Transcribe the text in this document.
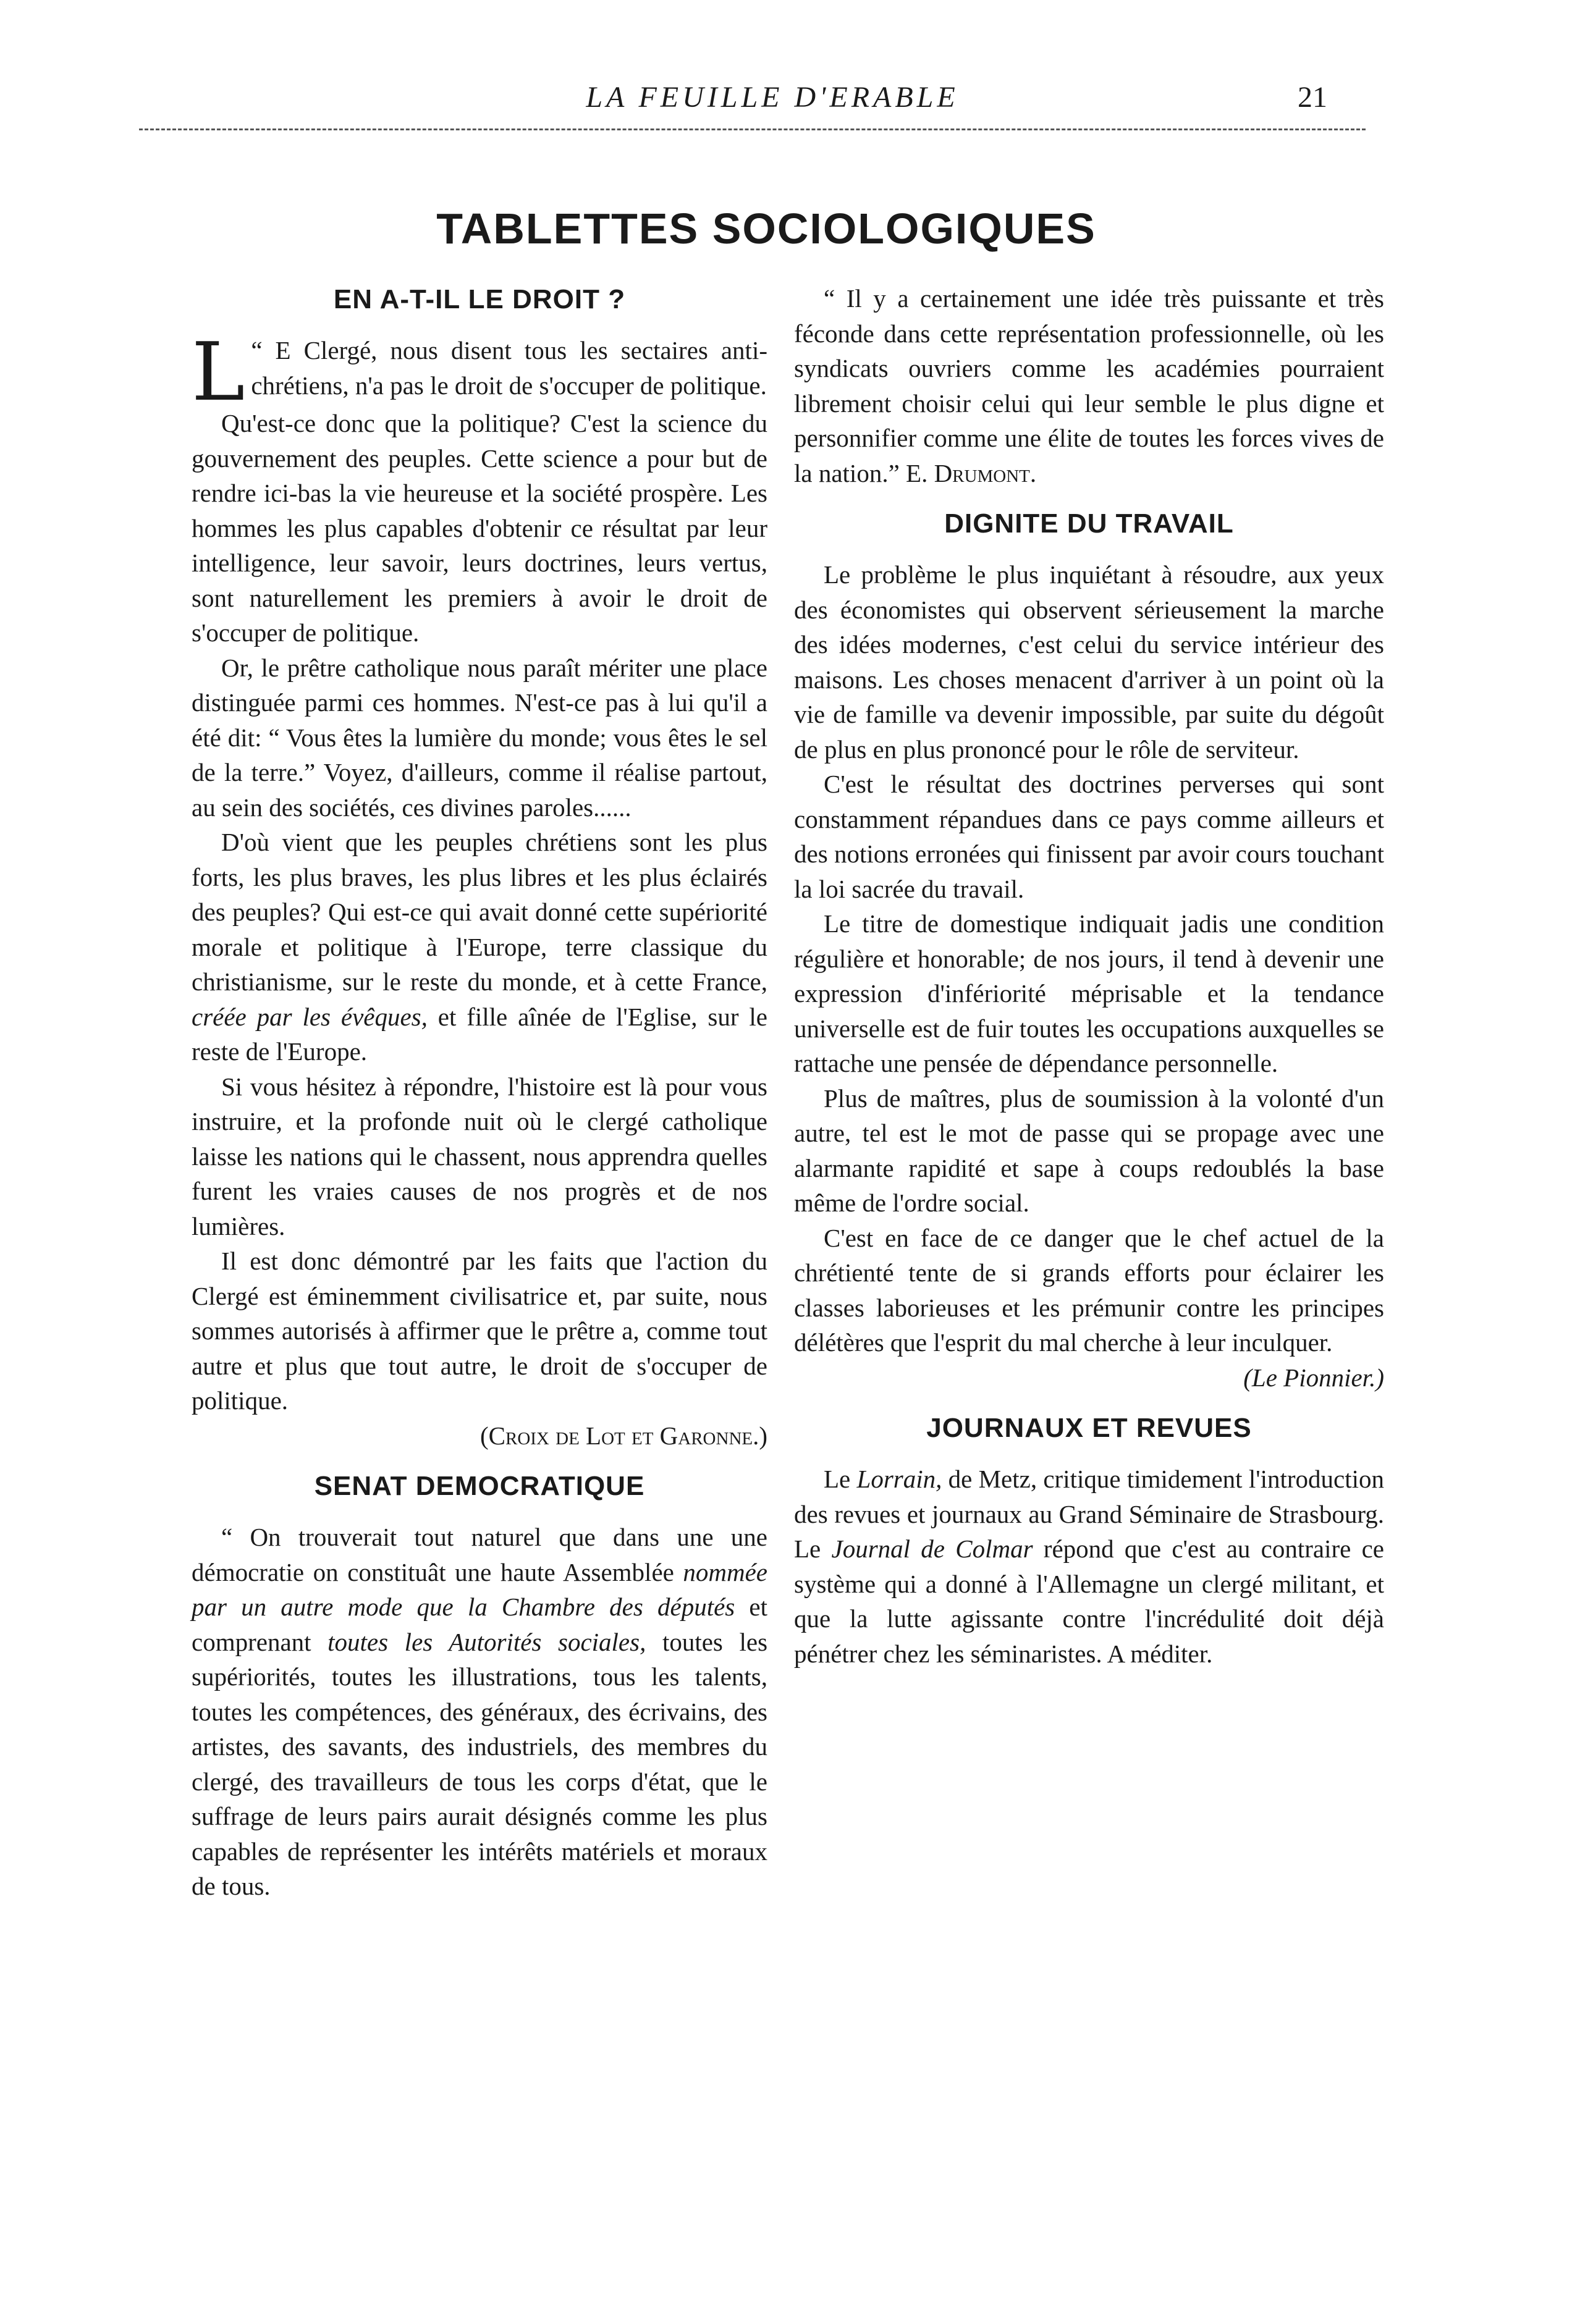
LA FEUILLE D'ERABLE	21
TABLETTES SOCIOLOGIQUES
EN A-T-IL LE DROIT ?
L “ E Clergé, nous disent tous les sectaires anti-chrétiens, n'a pas le droit de s'occuper de politique.

Qu'est-ce donc que la politique? C'est la science du gouvernement des peuples. Cette science a pour but de rendre ici-bas la vie heureuse et la société prospère. Les hommes les plus capables d'obtenir ce résultat par leur intelligence, leur savoir, leurs doctrines, leurs vertus, sont naturellement les premiers à avoir le droit de s'occuper de politique.

Or, le prêtre catholique nous paraît mériter une place distinguée parmi ces hommes. N'est-ce pas à lui qu'il a été dit: “ Vous êtes la lumière du monde; vous êtes le sel de la terre.” Voyez, d'ailleurs, comme il réalise partout, au sein des sociétés, ces divines paroles......

D'où vient que les peuples chrétiens sont les plus forts, les plus braves, les plus libres et les plus éclairés des peuples? Qui est-ce qui avait donné cette supériorité morale et politique à l'Europe, terre classique du christianisme, sur le reste du monde, et à cette France, créée par les évêques, et fille aînée de l'Eglise, sur le reste de l'Europe.

Si vous hésitez à répondre, l'histoire est là pour vous instruire, et la profonde nuit où le clergé catholique laisse les nations qui le chassent, nous apprendra quelles furent les vraies causes de nos progrès et de nos lumières.

Il est donc démontré par les faits que l'action du Clergé est éminemment civilisatrice et, par suite, nous sommes autorisés à affirmer que le prêtre a, comme tout autre et plus que tout autre, le droit de s'occuper de politique.

(Croix de Lot et Garonne.)

SENAT DEMOCRATIQUE

“ On trouverait tout naturel que dans une une démocratie on constituât une haute Assemblée nommée par un autre mode que la Chambre des députés et comprenant toutes les Autorités sociales, toutes les supériorités, toutes les illustrations, tous les talents, toutes les compétences, des généraux, des écrivains, des artistes, des savants, des industriels, des membres du clergé, des travailleurs de tous les corps d'état, que le suffrage de leurs pairs aurait désignés comme les plus capables de représenter les intérêts matériels et moraux de tous.

“ Il y a certainement une idée très puissante et très féconde dans cette représentation professionnelle, où les syndicats ouvriers comme les académies pourraient librement choisir celui qui leur semble le plus digne et personnifier comme une élite de toutes les forces vives de la nation.” E. Drumont.

DIGNITE DU TRAVAIL

Le problème le plus inquiétant à résoudre, aux yeux des économistes qui observent sérieusement la marche des idées modernes, c'est celui du service intérieur des maisons. Les choses menacent d'arriver à un point où la vie de famille va devenir impossible, par suite du dégoût de plus en plus prononcé pour le rôle de serviteur.

C'est le résultat des doctrines perverses qui sont constamment répandues dans ce pays comme ailleurs et des notions erronées qui finissent par avoir cours touchant la loi sacrée du travail.

Le titre de domestique indiquait jadis une condition régulière et honorable; de nos jours, il tend à devenir une expression d'infériorité méprisable et la tendance universelle est de fuir toutes les occupations auxquelles se rattache une pensée de dépendance personnelle.

Plus de maîtres, plus de soumission à la volonté d'un autre, tel est le mot de passe qui se propage avec une alarmante rapidité et sape à coups redoublés la base même de l'ordre social.

C'est en face de ce danger que le chef actuel de la chrétienté tente de si grands efforts pour éclairer les classes laborieuses et les prémunir contre les principes délétères que l'esprit du mal cherche à leur inculquer.

(Le Pionnier.)

JOURNAUX ET REVUES

Le Lorrain, de Metz, critique timidement l'introduction des revues et journaux au Grand Séminaire de Strasbourg. Le Journal de Colmar répond que c'est au contraire ce système qui a donné à l'Allemagne un clergé militant, et que la lutte agissante contre l'incrédulité doit déjà pénétrer chez les séminaristes. A méditer.
